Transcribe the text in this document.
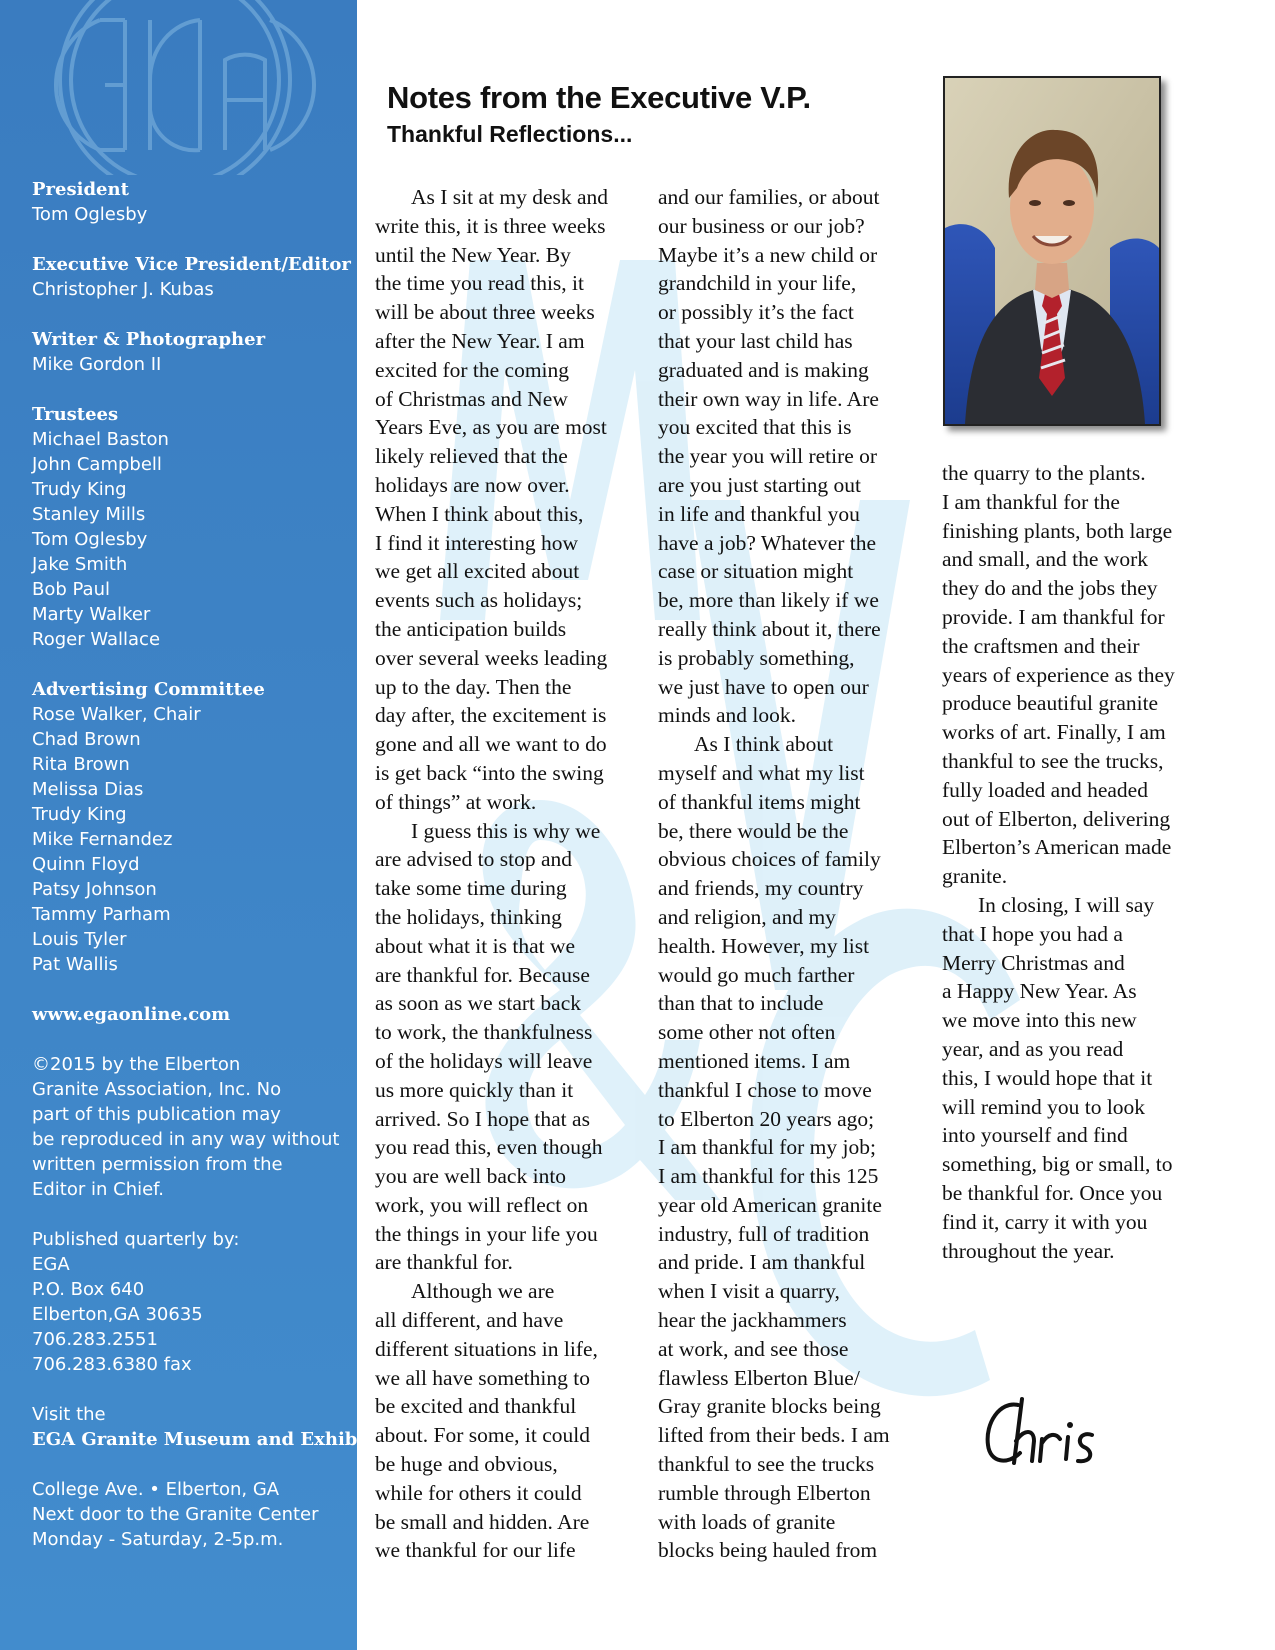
President
Tom Oglesby
Executive Vice President/Editor
Christopher J. Kubas
Writer & Photographer
Mike Gordon II
Trustees
Michael Baston
John Campbell
Trudy King
Stanley Mills
Tom Oglesby
Jake Smith
Bob Paul
Marty Walker
Roger Wallace
Advertising Committee
Rose Walker, Chair
Chad Brown
Rita Brown
Melissa Dias
Trudy King
Mike Fernandez
Quinn Floyd
Patsy Johnson
Tammy Parham
Louis Tyler
Pat Wallis
www.egaonline.com
©2015 by the Elberton
Granite Association, Inc. No
part of this publication may
be reproduced in any way without
written permission from the
Editor in Chief.
Published quarterly by:
EGA
P.O. Box 640
Elberton,GA 30635
706.283.2551
706.283.6380 fax
Visit the
EGA Granite Museum and Exhibit
College Ave. • Elberton, GA
Next door to the Granite Center
Monday - Saturday, 2-5p.m.
Notes from the Executive V.P.
Thankful Reflections...

As I sit at my desk and
write this, it is three weeks
until the New Year. By
the time you read this, it
will be about three weeks
after the New Year. I am
excited for the coming
of Christmas and New
Years Eve, as you are most
likely relieved that the
holidays are now over.
When I think about this,
I find it interesting how
we get all excited about
events such as holidays;
the anticipation builds
over several weeks leading
up to the day. Then the
day after, the excitement is
gone and all we want to do
is get back “into the swing
of things” at work.

I guess this is why we
are advised to stop and
take some time during
the holidays, thinking
about what it is that we
are thankful for. Because
as soon as we start back
to work, the thankfulness
of the holidays will leave
us more quickly than it
arrived. So I hope that as
you read this, even though
you are well back into
work, you will reflect on
the things in your life you
are thankful for.

Although we are
all different, and have
different situations in life,
we all have something to
be excited and thankful
about. For some, it could
be huge and obvious,
while for others it could
be small and hidden. Are
we thankful for our life

and our families, or about
our business or our job?
Maybe it’s a new child or
grandchild in your life,
or possibly it’s the fact
that your last child has
graduated and is making
their own way in life. Are
you excited that this is
the year you will retire or
are you just starting out
in life and thankful you
have a job? Whatever the
case or situation might
be, more than likely if we
really think about it, there
is probably something,
we just have to open our
minds and look.

As I think about
myself and what my list
of thankful items might
be, there would be the
obvious choices of family
and friends, my country
and religion, and my
health. However, my list
would go much farther
than that to include
some other not often
mentioned items. I am
thankful I chose to move
to Elberton 20 years ago;
I am thankful for my job;
I am thankful for this 125
year old American granite
industry, full of tradition
and pride. I am thankful
when I visit a quarry,
hear the jackhammers
at work, and see those
flawless Elberton Blue/
Gray granite blocks being
lifted from their beds. I am
thankful to see the trucks
rumble through Elberton
with loads of granite
blocks being hauled from

the quarry to the plants.
I am thankful for the
finishing plants, both large
and small, and the work
they do and the jobs they
provide. I am thankful for
the craftsmen and their
years of experience as they
produce beautiful granite
works of art. Finally, I am
thankful to see the trucks,
fully loaded and headed
out of Elberton, delivering
Elberton’s American made
granite.

In closing, I will say
that I hope you had a
Merry Christmas and
a Happy New Year. As
we move into this new
year, and as you read
this, I would hope that it
will remind you to look
into yourself and find
something, big or small, to
be thankful for. Once you
find it, carry it with you
throughout the year.
